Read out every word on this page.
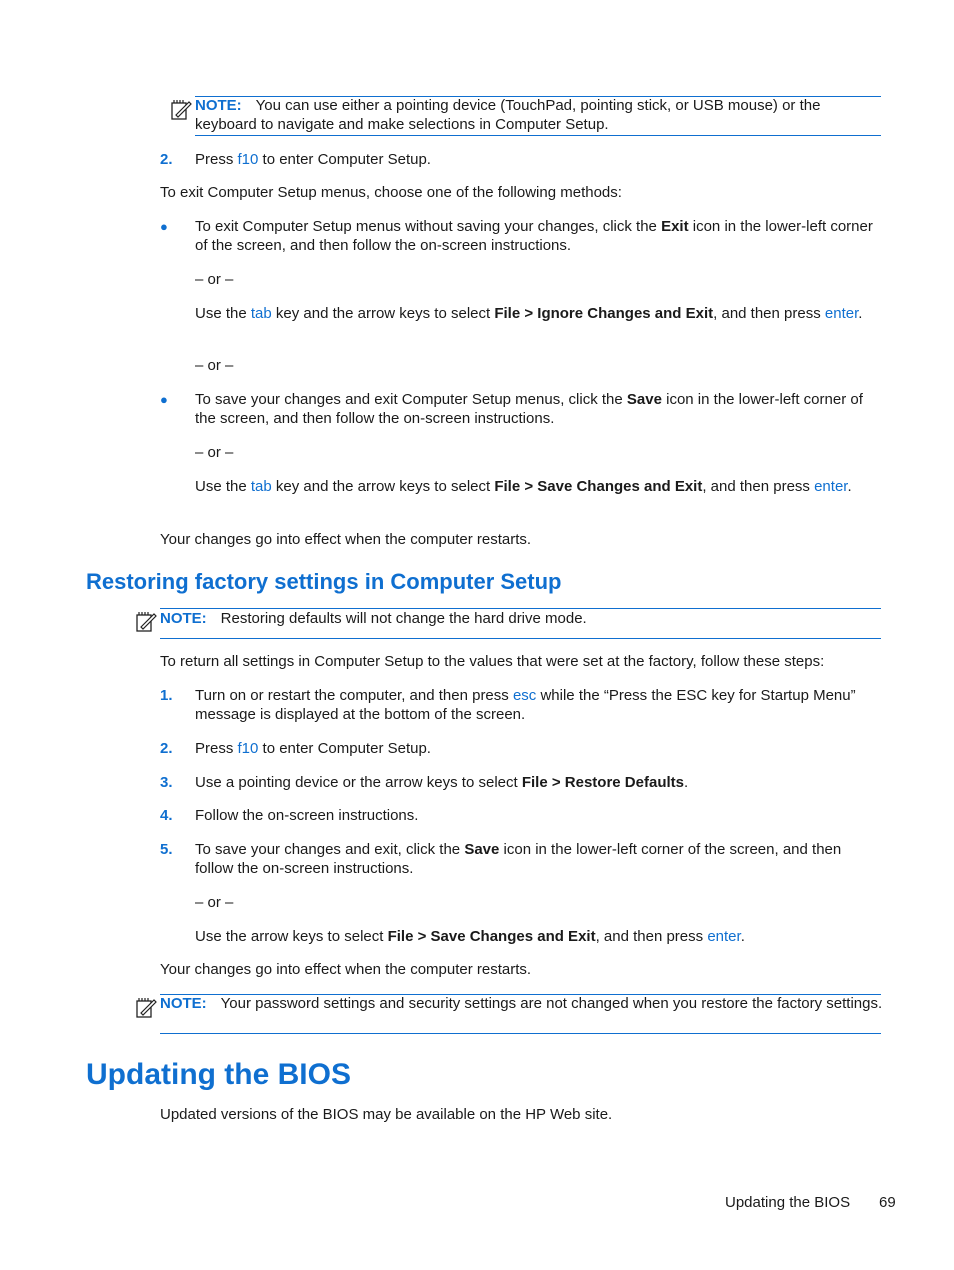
NOTE: You can use either a pointing device (TouchPad, pointing stick, or USB mouse) or the keyboard to navigate and make selections in Computer Setup.
2. Press f10 to enter Computer Setup.
To exit Computer Setup menus, choose one of the following methods:
● To exit Computer Setup menus without saving your changes, click the Exit icon in the lower-left corner of the screen, and then follow the on-screen instructions.
– or –
Use the tab key and the arrow keys to select File > Ignore Changes and Exit, and then press enter.
– or –
● To save your changes and exit Computer Setup menus, click the Save icon in the lower-left corner of the screen, and then follow the on-screen instructions.
– or –
Use the tab key and the arrow keys to select File > Save Changes and Exit, and then press enter.
Your changes go into effect when the computer restarts.
Restoring factory settings in Computer Setup
NOTE: Restoring defaults will not change the hard drive mode.
To return all settings in Computer Setup to the values that were set at the factory, follow these steps:
1. Turn on or restart the computer, and then press esc while the “Press the ESC key for Startup Menu” message is displayed at the bottom of the screen.
2. Press f10 to enter Computer Setup.
3. Use a pointing device or the arrow keys to select File > Restore Defaults.
4. Follow the on-screen instructions.
5. To save your changes and exit, click the Save icon in the lower-left corner of the screen, and then follow the on-screen instructions.
– or –
Use the arrow keys to select File > Save Changes and Exit, and then press enter.
Your changes go into effect when the computer restarts.
NOTE: Your password settings and security settings are not changed when you restore the factory settings.
Updating the BIOS
Updated versions of the BIOS may be available on the HP Web site.
Updating the BIOS 69
